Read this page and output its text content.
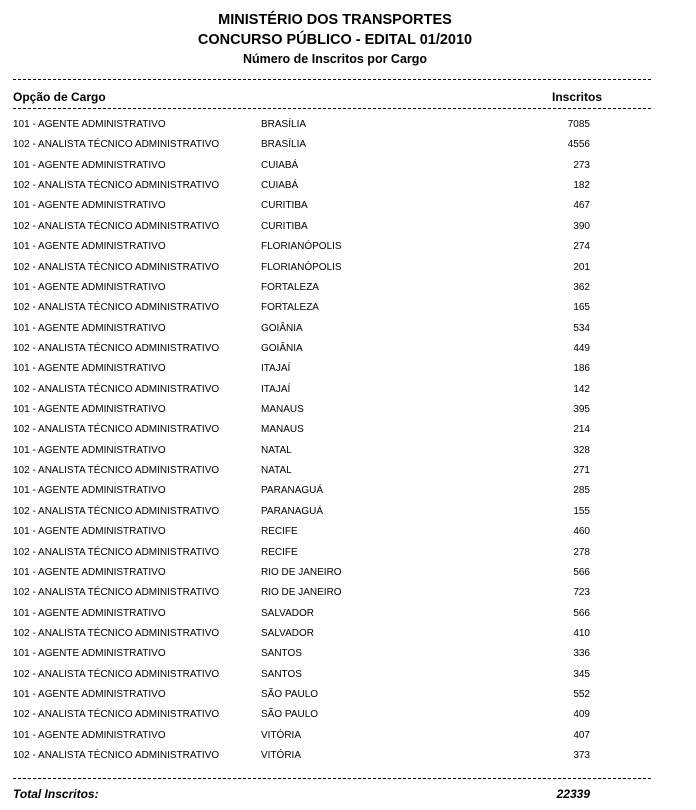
MINISTÉRIO DOS TRANSPORTES
CONCURSO PÚBLICO - EDITAL 01/2010
Número de Inscritos por Cargo
Opção de Cargo	Inscritos
101 - AGENTE ADMINISTRATIVO	BRASÍLIA	7085
102 - ANALISTA TÉCNICO ADMINISTRATIVO	BRASÍLIA	4556
101 - AGENTE ADMINISTRATIVO	CUIABÁ	273
102 - ANALISTA TÉCNICO ADMINISTRATIVO	CUIABÁ	182
101 - AGENTE ADMINISTRATIVO	CURITIBA	467
102 - ANALISTA TÉCNICO ADMINISTRATIVO	CURITIBA	390
101 - AGENTE ADMINISTRATIVO	FLORIANÓPOLIS	274
102 - ANALISTA TÉCNICO ADMINISTRATIVO	FLORIANÓPOLIS	201
101 - AGENTE ADMINISTRATIVO	FORTALEZA	362
102 - ANALISTA TÉCNICO ADMINISTRATIVO	FORTALEZA	165
101 - AGENTE ADMINISTRATIVO	GOIÂNIA	534
102 - ANALISTA TÉCNICO ADMINISTRATIVO	GOIÂNIA	449
101 - AGENTE ADMINISTRATIVO	ITAJAÍ	186
102 - ANALISTA TÉCNICO ADMINISTRATIVO	ITAJAÍ	142
101 - AGENTE ADMINISTRATIVO	MANAUS	395
102 - ANALISTA TÉCNICO ADMINISTRATIVO	MANAUS	214
101 - AGENTE ADMINISTRATIVO	NATAL	328
102 - ANALISTA TÉCNICO ADMINISTRATIVO	NATAL	271
101 - AGENTE ADMINISTRATIVO	PARANAGUÁ	285
102 - ANALISTA TÉCNICO ADMINISTRATIVO	PARANAGUÁ	155
101 - AGENTE ADMINISTRATIVO	RECIFE	460
102 - ANALISTA TÉCNICO ADMINISTRATIVO	RECIFE	278
101 - AGENTE ADMINISTRATIVO	RIO DE JANEIRO	566
102 - ANALISTA TÉCNICO ADMINISTRATIVO	RIO DE JANEIRO	723
101 - AGENTE ADMINISTRATIVO	SALVADOR	566
102 - ANALISTA TÉCNICO ADMINISTRATIVO	SALVADOR	410
101 - AGENTE ADMINISTRATIVO	SANTOS	336
102 - ANALISTA TÉCNICO ADMINISTRATIVO	SANTOS	345
101 - AGENTE ADMINISTRATIVO	SÃO PAULO	552
102 - ANALISTA TÉCNICO ADMINISTRATIVO	SÃO PAULO	409
101 - AGENTE ADMINISTRATIVO	VITÓRIA	407
102 - ANALISTA TÉCNICO ADMINISTRATIVO	VITÓRIA	373
Total Inscritos:	22339
